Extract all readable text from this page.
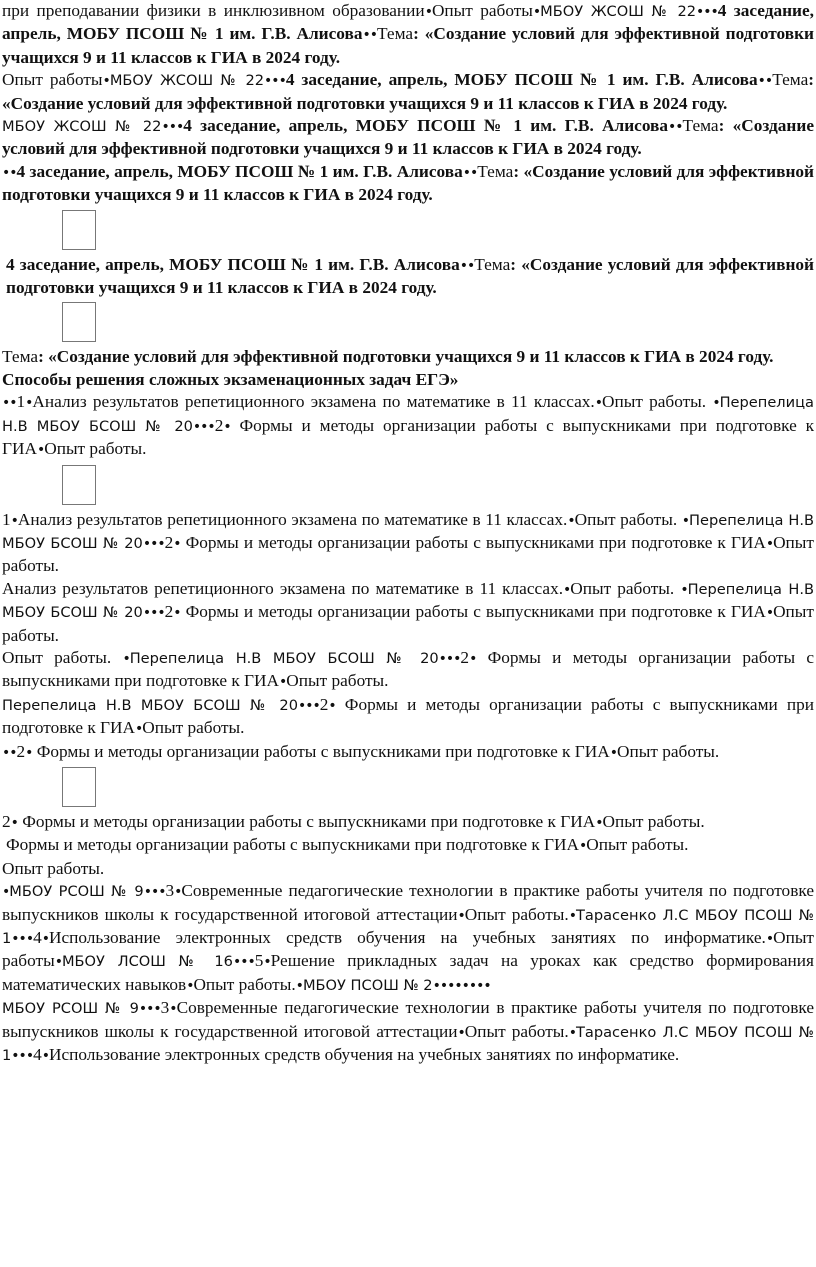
при преподавании физики в инклюзивном образовании•Опыт работы•МБОУ ЖСОШ № 22•••4 заседание, апрель, МОБУ ПСОШ № 1 им. Г.В. Алисова••Тема: «Создание условий для эффективной подготовки учащихся 9 и 11 классов к ГИА в 2024 году.

Опыт работы•МБОУ ЖСОШ № 22•••4 заседание, апрель, МОБУ ПСОШ № 1 им. Г.В. Алисова••Тема: «Создание условий для эффективной подготовки учащихся 9 и 11 классов к ГИА в 2024 году.

МБОУ ЖСОШ № 22•••4 заседание, апрель, МОБУ ПСОШ № 1 им. Г.В. Алисова••Тема: «Создание условий для эффективной подготовки учащихся 9 и 11 классов к ГИА в 2024 году.

••4 заседание, апрель, МОБУ ПСОШ № 1 им. Г.В. Алисова••Тема: «Создание условий для эффективной подготовки учащихся 9 и 11 классов к ГИА в 2024 году.

4 заседание, апрель, МОБУ ПСОШ № 1 им. Г.В. Алисова••Тема: «Создание условий для эффективной подготовки учащихся 9 и 11 классов к ГИА в 2024 году.

Тема: «Создание условий для эффективной подготовки учащихся 9 и 11 классов к ГИА в 2024 году.
Способы решения сложных экзаменационных задач ЕГЭ»
••1•Анализ результатов репетиционного экзамена по математике в 11 классах.•Опыт работы. •Перепелица Н.В МБОУ БСОШ № 20•••2• Формы и методы организации работы с выпускниками при подготовке к ГИА•Опыт работы.

1•Анализ результатов репетиционного экзамена по математике в 11 классах.•Опыт работы. •Перепелица Н.В МБОУ БСОШ № 20•••2• Формы и методы организации работы с выпускниками при подготовке к ГИА•Опыт работы.

Анализ результатов репетиционного экзамена по математике в 11 классах.•Опыт работы. •Перепелица Н.В МБОУ БСОШ № 20•••2• Формы и методы организации работы с выпускниками при подготовке к ГИА•Опыт работы.

Опыт работы. •Перепелица Н.В МБОУ БСОШ № 20•••2• Формы и методы организации работы с выпускниками при подготовке к ГИА•Опыт работы.

Перепелица Н.В МБОУ БСОШ № 20•••2• Формы и методы организации работы с выпускниками при подготовке к ГИА•Опыт работы.

••2• Формы и методы организации работы с выпускниками при подготовке к ГИА•Опыт работы.

2• Формы и методы организации работы с выпускниками при подготовке к ГИА•Опыт работы.

Формы и методы организации работы с выпускниками при подготовке к ГИА•Опыт работы.

Опыт работы.

•МБОУ РСОШ № 9•••3•Современные педагогические технологии в практике работы учителя по подготовке выпускников школы к государственной итоговой аттестации•Опыт работы.•Тарасенко Л.С МБОУ ПСОШ № 1•••4•Использование электронных средств обучения на учебных занятиях по информатике.•Опыт работы•МБОУ ЛСОШ № 16•••5•Решение прикладных задач на уроках как средство формирования математических навыков•Опыт работы.•МБОУ ПСОШ № 2••••••••

МБОУ РСОШ № 9•••3•Современные педагогические технологии в практике работы учителя по подготовке выпускников школы к государственной итоговой аттестации•Опыт работы.•Тарасенко Л.С МБОУ ПСОШ № 1•••4•Использование электронных средств обучения на учебных занятиях по информатике.
